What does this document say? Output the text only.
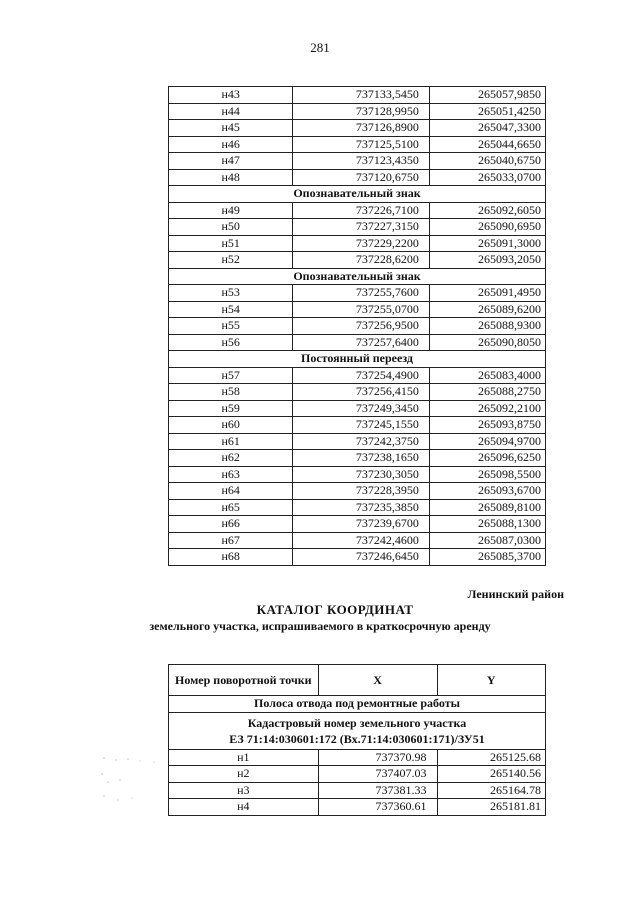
281
н43	737133,5450	265057,9850
н44	737128,9950	265051,4250
н45	737126,8900	265047,3300
н46	737125,5100	265044,6650
н47	737123,4350	265040,6750
н48	737120,6750	265033,0700
Опознавательный знак		
н49	737226,7100	265092,6050
н50	737227,3150	265090,6950
н51	737229,2200	265091,3000
н52	737228,6200	265093,2050
Опознавательный знак		
н53	737255,7600	265091,4950
н54	737255,0700	265089,6200
н55	737256,9500	265088,9300
н56	737257,6400	265090,8050
Постоянный переезд		
н57	737254,4900	265083,4000
н58	737256,4150	265088,2750
н59	737249,3450	265092,2100
н60	737245,1550	265093,8750
н61	737242,3750	265094,9700
н62	737238,1650	265096,6250
н63	737230,3050	265098,5500
н64	737228,3950	265093,6700
н65	737235,3850	265089,8100
н66	737239,6700	265088,1300
н67	737242,4600	265087,0300
н68	737246,6450	265085,3700
Ленинский район
КАТАЛОГ КООРДИНАТ
земельного участка, испрашиваемого в краткосрочную аренду
Номер поворотной точки	X	Y
Полоса отвода под ремонтные работы		

Кадастровый номер земельного участка
ЕЗ 71:14:030601:172 (Вх.71:14:030601:171)/ЗУ51		

н1	737370.98	265125.68
н2	737407.03	265140.56
н3	737381.33	265164.78
н4	737360.61	265181.81
